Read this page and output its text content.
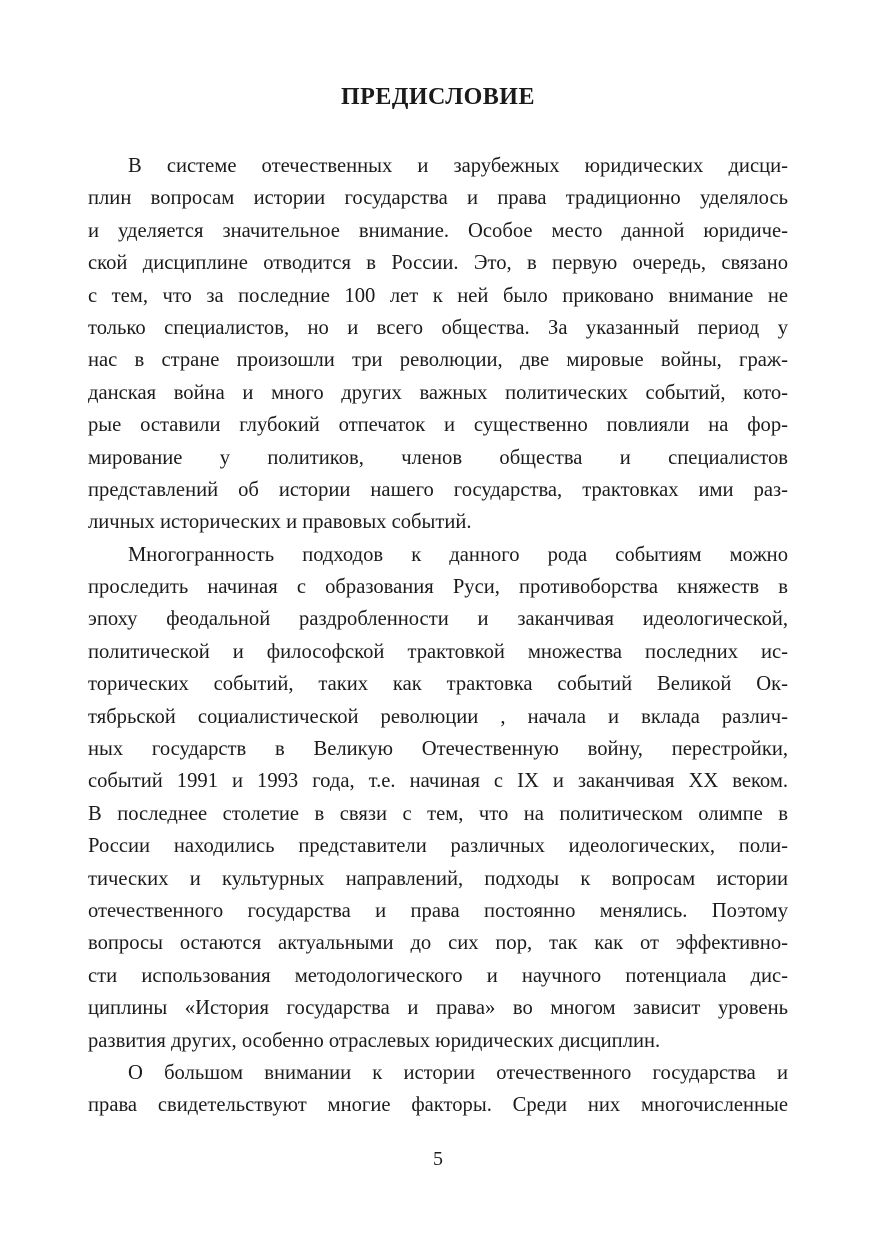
ПРЕДИСЛОВИЕ
В системе отечественных и зарубежных юридических дисци-
плин вопросам истории государства и права традиционно уделялось
и уделяется значительное внимание. Особое место данной юридиче-
ской дисциплине отводится в России. Это, в первую очередь, связано
с тем, что за последние 100 лет к ней было приковано внимание не
только специалистов, но и всего общества. За указанный период у
нас в стране произошли три революции, две мировые войны, граж-
данская война и много других важных политических событий, кото-
рые оставили глубокий отпечаток и существенно повлияли на фор-
мирование у политиков, членов общества и специалистов
представлений об истории нашего государства, трактовках ими раз-
личных исторических и правовых событий.
Многогранность подходов к данного рода событиям можно
проследить начиная с образования Руси, противоборства княжеств в
эпоху феодальной раздробленности и заканчивая идеологической,
политической и философской трактовкой множества последних ис-
торических событий, таких как трактовка событий Великой Ок-
тябрьской социалистической революции , начала и вклада различ-
ных государств в Великую Отечественную войну, перестройки,
событий 1991 и 1993 года, т.е. начиная с IX и заканчивая XX веком.
В последнее столетие в связи с тем, что на политическом олимпе в
России находились представители различных идеологических, поли-
тических и культурных направлений, подходы к вопросам истории
отечественного государства и права постоянно менялись. Поэтому
вопросы остаются актуальными до сих пор, так как от эффективно-
сти использования методологического и научного потенциала дис-
циплины «История государства и права» во многом зависит уровень
развития других, особенно отраслевых юридических дисциплин.
О большом внимании к истории отечественного государства и
права свидетельствуют многие факторы. Среди них многочисленные
5
